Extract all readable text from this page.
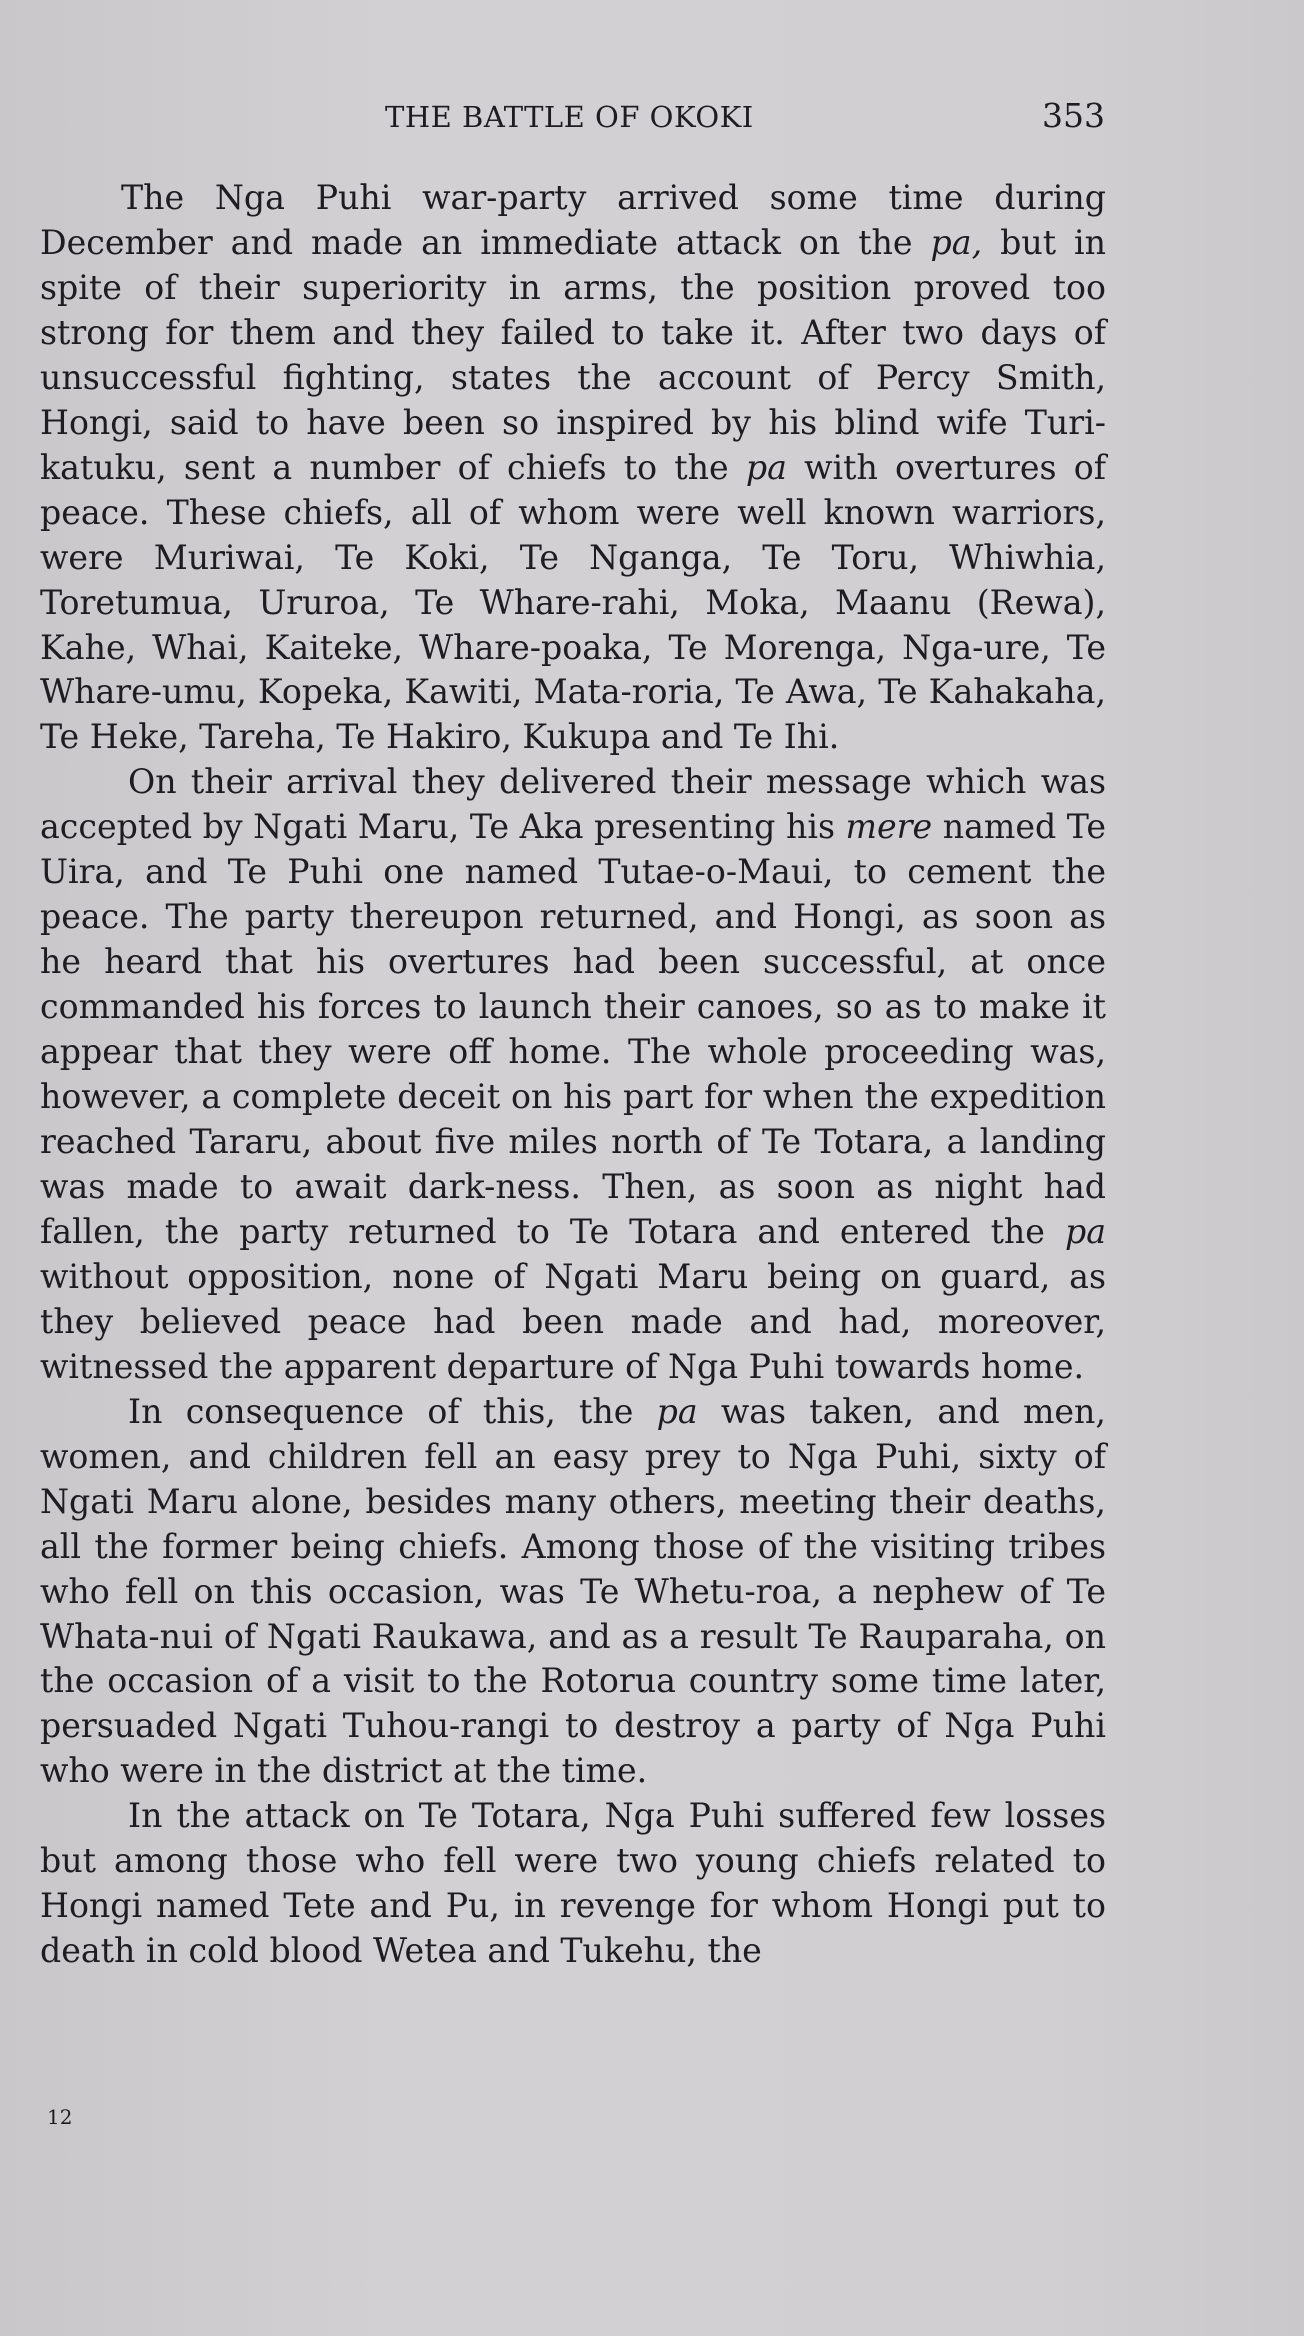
THE BATTLE OF OKOKI	353

The Nga Puhi war-party arrived some time during December and made an immediate attack on the pa, but in spite of their superiority in arms, the position proved too strong for them and they failed to take it. After two days of unsuccessful fighting, states the account of Percy Smith, Hongi, said to have been so inspired by his blind wife Turi-katuku, sent a number of chiefs to the pa with overtures of peace. These chiefs, all of whom were well known warriors, were Muriwai, Te Koki, Te Nganga, Te Toru, Whiwhia, Toretumua, Ururoa, Te Whare-rahi, Moka, Maanu (Rewa), Kahe, Whai, Kaiteke, Whare-poaka, Te Morenga, Nga-ure, Te Whare-umu, Kopeka, Kawiti, Mata-roria, Te Awa, Te Kahakaha, Te Heke, Tareha, Te Hakiro, Kukupa and Te Ihi.

On their arrival they delivered their message which was accepted by Ngati Maru, Te Aka presenting his mere named Te Uira, and Te Puhi one named Tutae-o-Maui, to cement the peace. The party thereupon returned, and Hongi, as soon as he heard that his overtures had been successful, at once commanded his forces to launch their canoes, so as to make it appear that they were off home. The whole proceeding was, however, a complete deceit on his part for when the expedition reached Tararu, about five miles north of Te Totara, a landing was made to await dark-ness. Then, as soon as night had fallen, the party returned to Te Totara and entered the pa without opposition, none of Ngati Maru being on guard, as they believed peace had been made and had, moreover, witnessed the apparent departure of Nga Puhi towards home.

In consequence of this, the pa was taken, and men, women, and children fell an easy prey to Nga Puhi, sixty of Ngati Maru alone, besides many others, meeting their deaths, all the former being chiefs. Among those of the visiting tribes who fell on this occasion, was Te Whetu-roa, a nephew of Te Whata-nui of Ngati Raukawa, and as a result Te Rauparaha, on the occasion of a visit to the Rotorua country some time later, persuaded Ngati Tuhou-rangi to destroy a party of Nga Puhi who were in the district at the time.

In the attack on Te Totara, Nga Puhi suffered few losses but among those who fell were two young chiefs related to Hongi named Tete and Pu, in revenge for whom Hongi put to death in cold blood Wetea and Tukehu, the

12
